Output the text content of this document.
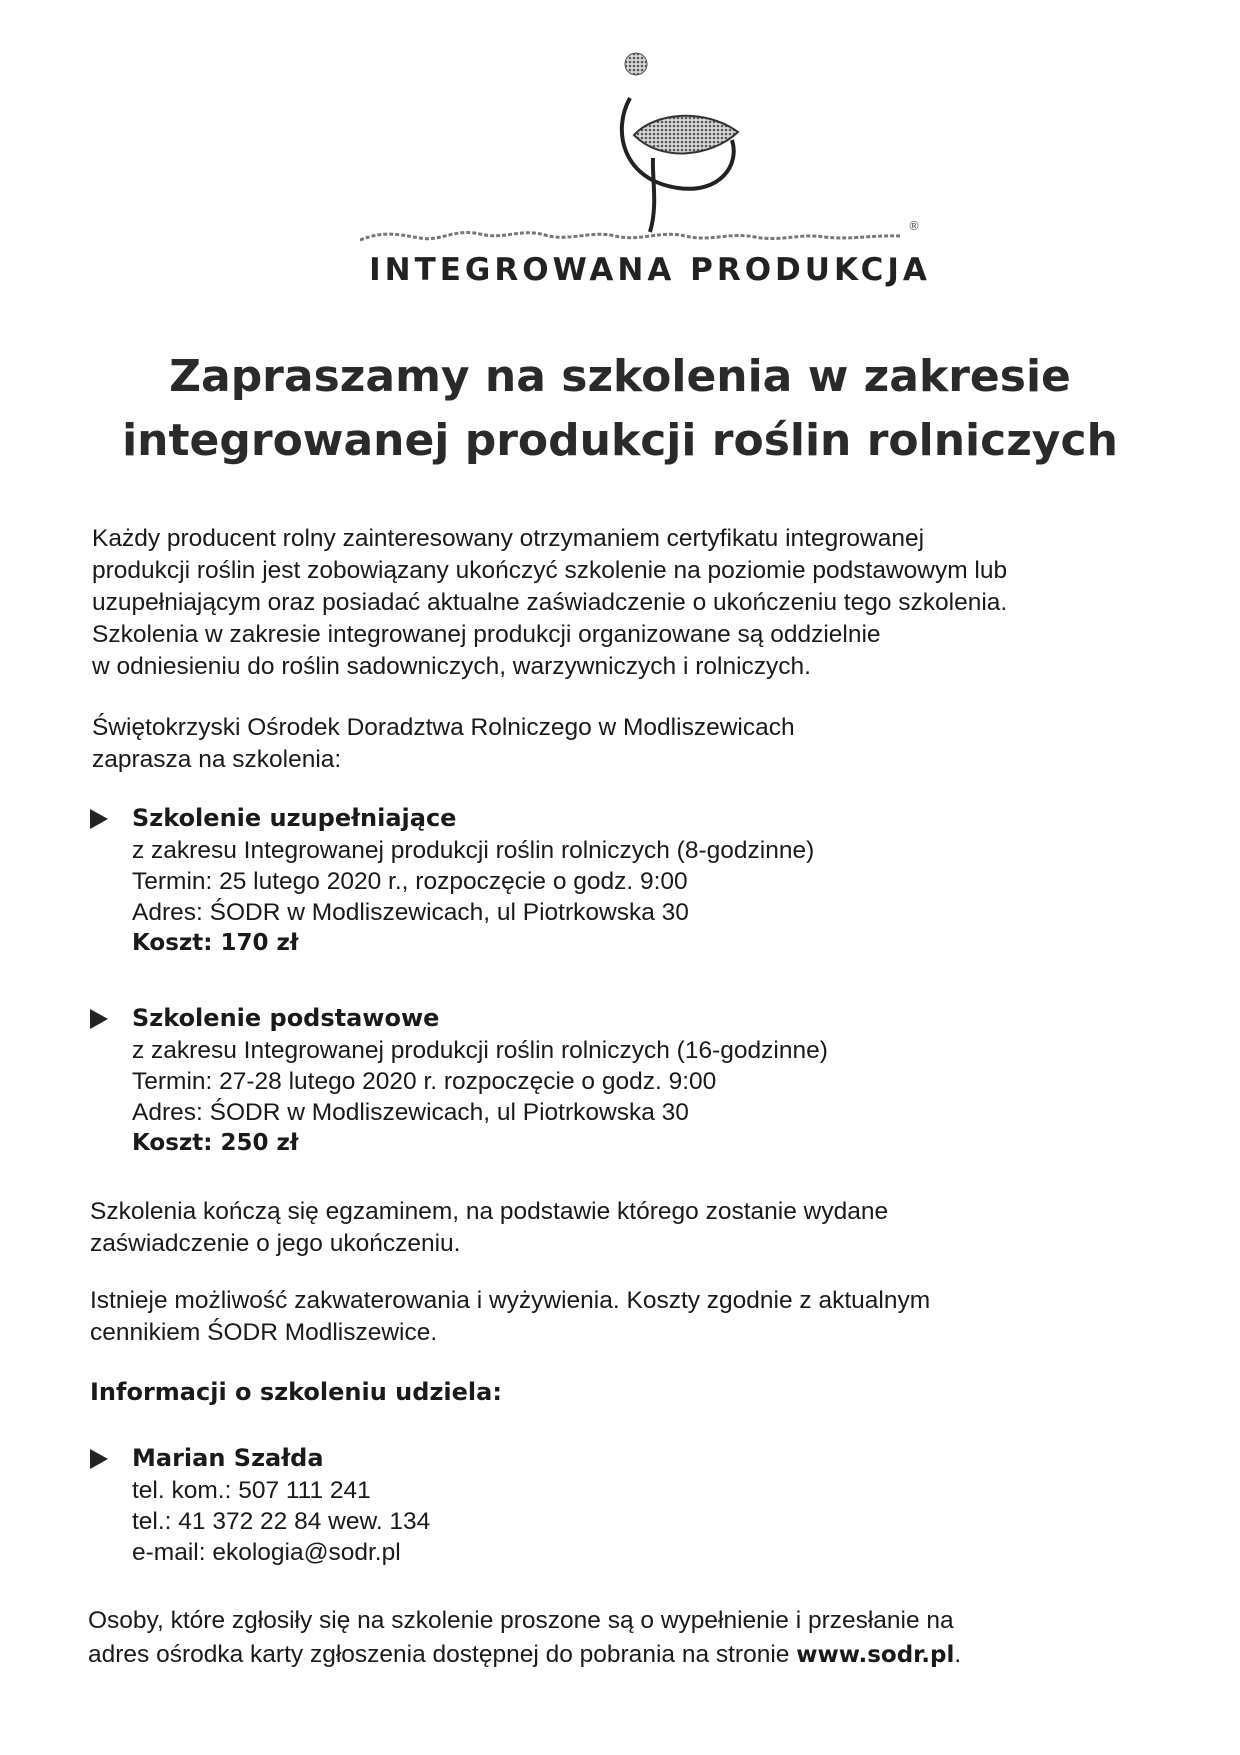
®
INTEGROWANA PRODUKCJA
Zapraszamy na szkolenia w zakresie
integrowanej produkcji roślin rolniczych
Każdy producent rolny zainteresowany otrzymaniem certyfikatu integrowanej
produkcji roślin jest zobowiązany ukończyć szkolenie na poziomie podstawowym lub
uzupełniającym oraz posiadać aktualne zaświadczenie o ukończeniu tego szkolenia.
Szkolenia w zakresie integrowanej produkcji organizowane są oddzielnie
w odniesieniu do roślin sadowniczych, warzywniczych i rolniczych.
Świętokrzyski Ośrodek Doradztwa Rolniczego w Modliszewicach
zaprasza na szkolenia:
Szkolenie uzupełniające
z zakresu Integrowanej produkcji roślin rolniczych (8-godzinne)
Termin: 25 lutego 2020 r., rozpoczęcie o godz. 9:00
Adres: ŚODR w Modliszewicach, ul Piotrkowska 30
Koszt: 170 zł
Szkolenie podstawowe
z zakresu Integrowanej produkcji roślin rolniczych (16-godzinne)
Termin: 27-28 lutego 2020 r. rozpoczęcie o godz. 9:00
Adres: ŚODR w Modliszewicach, ul Piotrkowska 30
Koszt: 250 zł
Szkolenia kończą się egzaminem, na podstawie którego zostanie wydane
zaświadczenie o jego ukończeniu.
Istnieje możliwość zakwaterowania i wyżywienia. Koszty zgodnie z aktualnym
cennikiem ŚODR Modliszewice.
Informacji o szkoleniu udziela:
Marian Szałda
tel. kom.: 507 111 241
tel.: 41 372 22 84 wew. 134
e-mail: ekologia@sodr.pl
Osoby, które zgłosiły się na szkolenie proszone są o wypełnienie i przesłanie na
adres ośrodka karty zgłoszenia dostępnej do pobrania na stronie www.sodr.pl.
